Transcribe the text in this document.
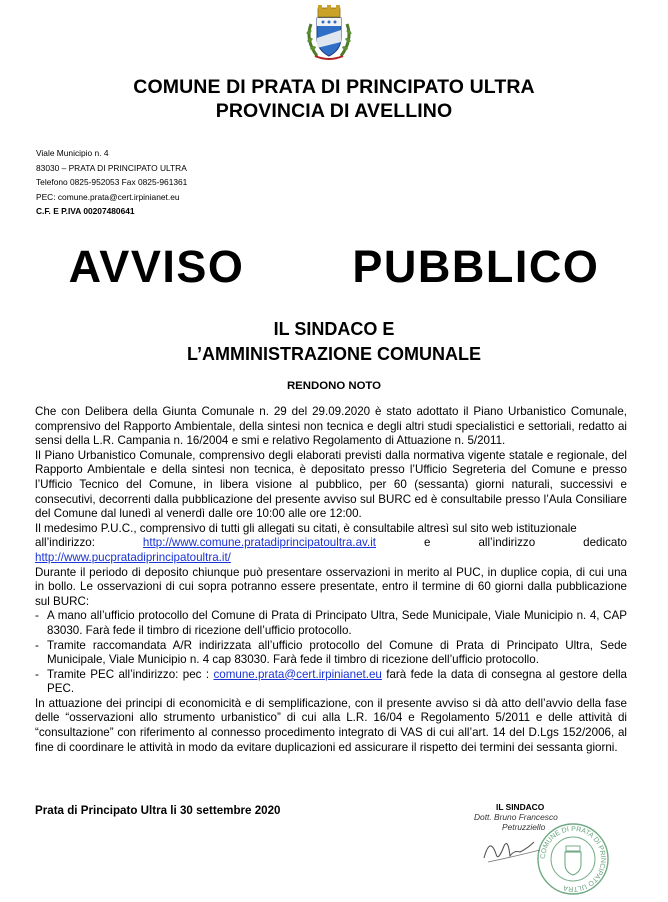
COMUNE DI PRATA DI PRINCIPATO ULTRA
PROVINCIA DI AVELLINO
Viale Municipio n. 4
83030 – PRATA DI PRINCIPATO ULTRA
Telefono 0825-952053 Fax 0825-961361
PEC: comune.prata@cert.irpinianet.eu
C.F. E P.IVA 00207480641
AVVISO   PUBBLICO
IL SINDACO E
L’AMMINISTRAZIONE COMUNALE
RENDONO NOTO

Che con Delibera della Giunta Comunale n. 29 del 29.09.2020 è stato adottato il Piano Urbanistico Comunale, comprensivo del Rapporto Ambientale, della sintesi non tecnica e degli altri studi specialistici e settoriali, redatto ai sensi della L.R. Campania n. 16/2004 e smi e relativo Regolamento di Attuazione n. 5/2011.

Il Piano Urbanistico Comunale, comprensivo degli elaborati previsti dalla normativa vigente statale e regionale, del Rapporto Ambientale e della sintesi non tecnica, è depositato presso l’Ufficio Segreteria del Comune e presso l’Ufficio Tecnico del Comune, in libera visione al pubblico, per 60 (sessanta) giorni naturali, successivi e consecutivi, decorrenti dalla pubblicazione del presente avviso sul BURC ed è consultabile presso l’Aula Consiliare del Comune dal lunedì al venerdì dalle ore 10:00 alle ore 12:00.

Il medesimo P.U.C., comprensivo di tutti gli allegati su citati, è consultabile altresì sul sito web istituzionale

all’indirizzo:	http://www.comune.pratadiprincipatoultra.av.it	e	all’indirizzo	dedicato
http://www.pucpratadiprincipatoultra.it/

Durante il periodo di deposito chiunque può presentare osservazioni in merito al PUC, in duplice copia, di cui una in bollo. Le osservazioni di cui sopra potranno essere presentate, entro il termine di 60 giorni dalla pubblicazione sul BURC:

- A mano all’ufficio protocollo del Comune di Prata di Principato Ultra, Sede Municipale, Viale Municipio n. 4, CAP 83030. Farà fede il timbro di ricezione dell’ufficio protocollo.
- Tramite raccomandata A/R indirizzata all’ufficio protocollo del Comune di Prata di Principato Ultra, Sede Municipale, Viale Municipio n. 4 cap 83030. Farà fede il timbro di ricezione dell’ufficio protocollo.
- Tramite PEC all’indirizzo: pec : comune.prata@cert.irpinianet.eu farà fede la data di consegna al gestore della PEC.

In attuazione dei principi di economicità e di semplificazione, con il presente avviso si dà atto dell’avvio della fase delle “osservazioni allo strumento urbanistico” di cui alla L.R. 16/04 e Regolamento 5/2011 e delle attività di “consultazione” con riferimento al connesso procedimento integrato di VAS di cui all’art. 14 del D.Lgs 152/2006, al fine di coordinare le attività in modo da evitare duplicazioni ed assicurare il rispetto dei termini dei sessanta giorni.

Prata di Principato Ultra li 30 settembre 2020	IL SINDACO
Dott. Bruno Francesco
Petruzziello
COMUNE DI PRATA DI PRINCIPATO ULTRA
